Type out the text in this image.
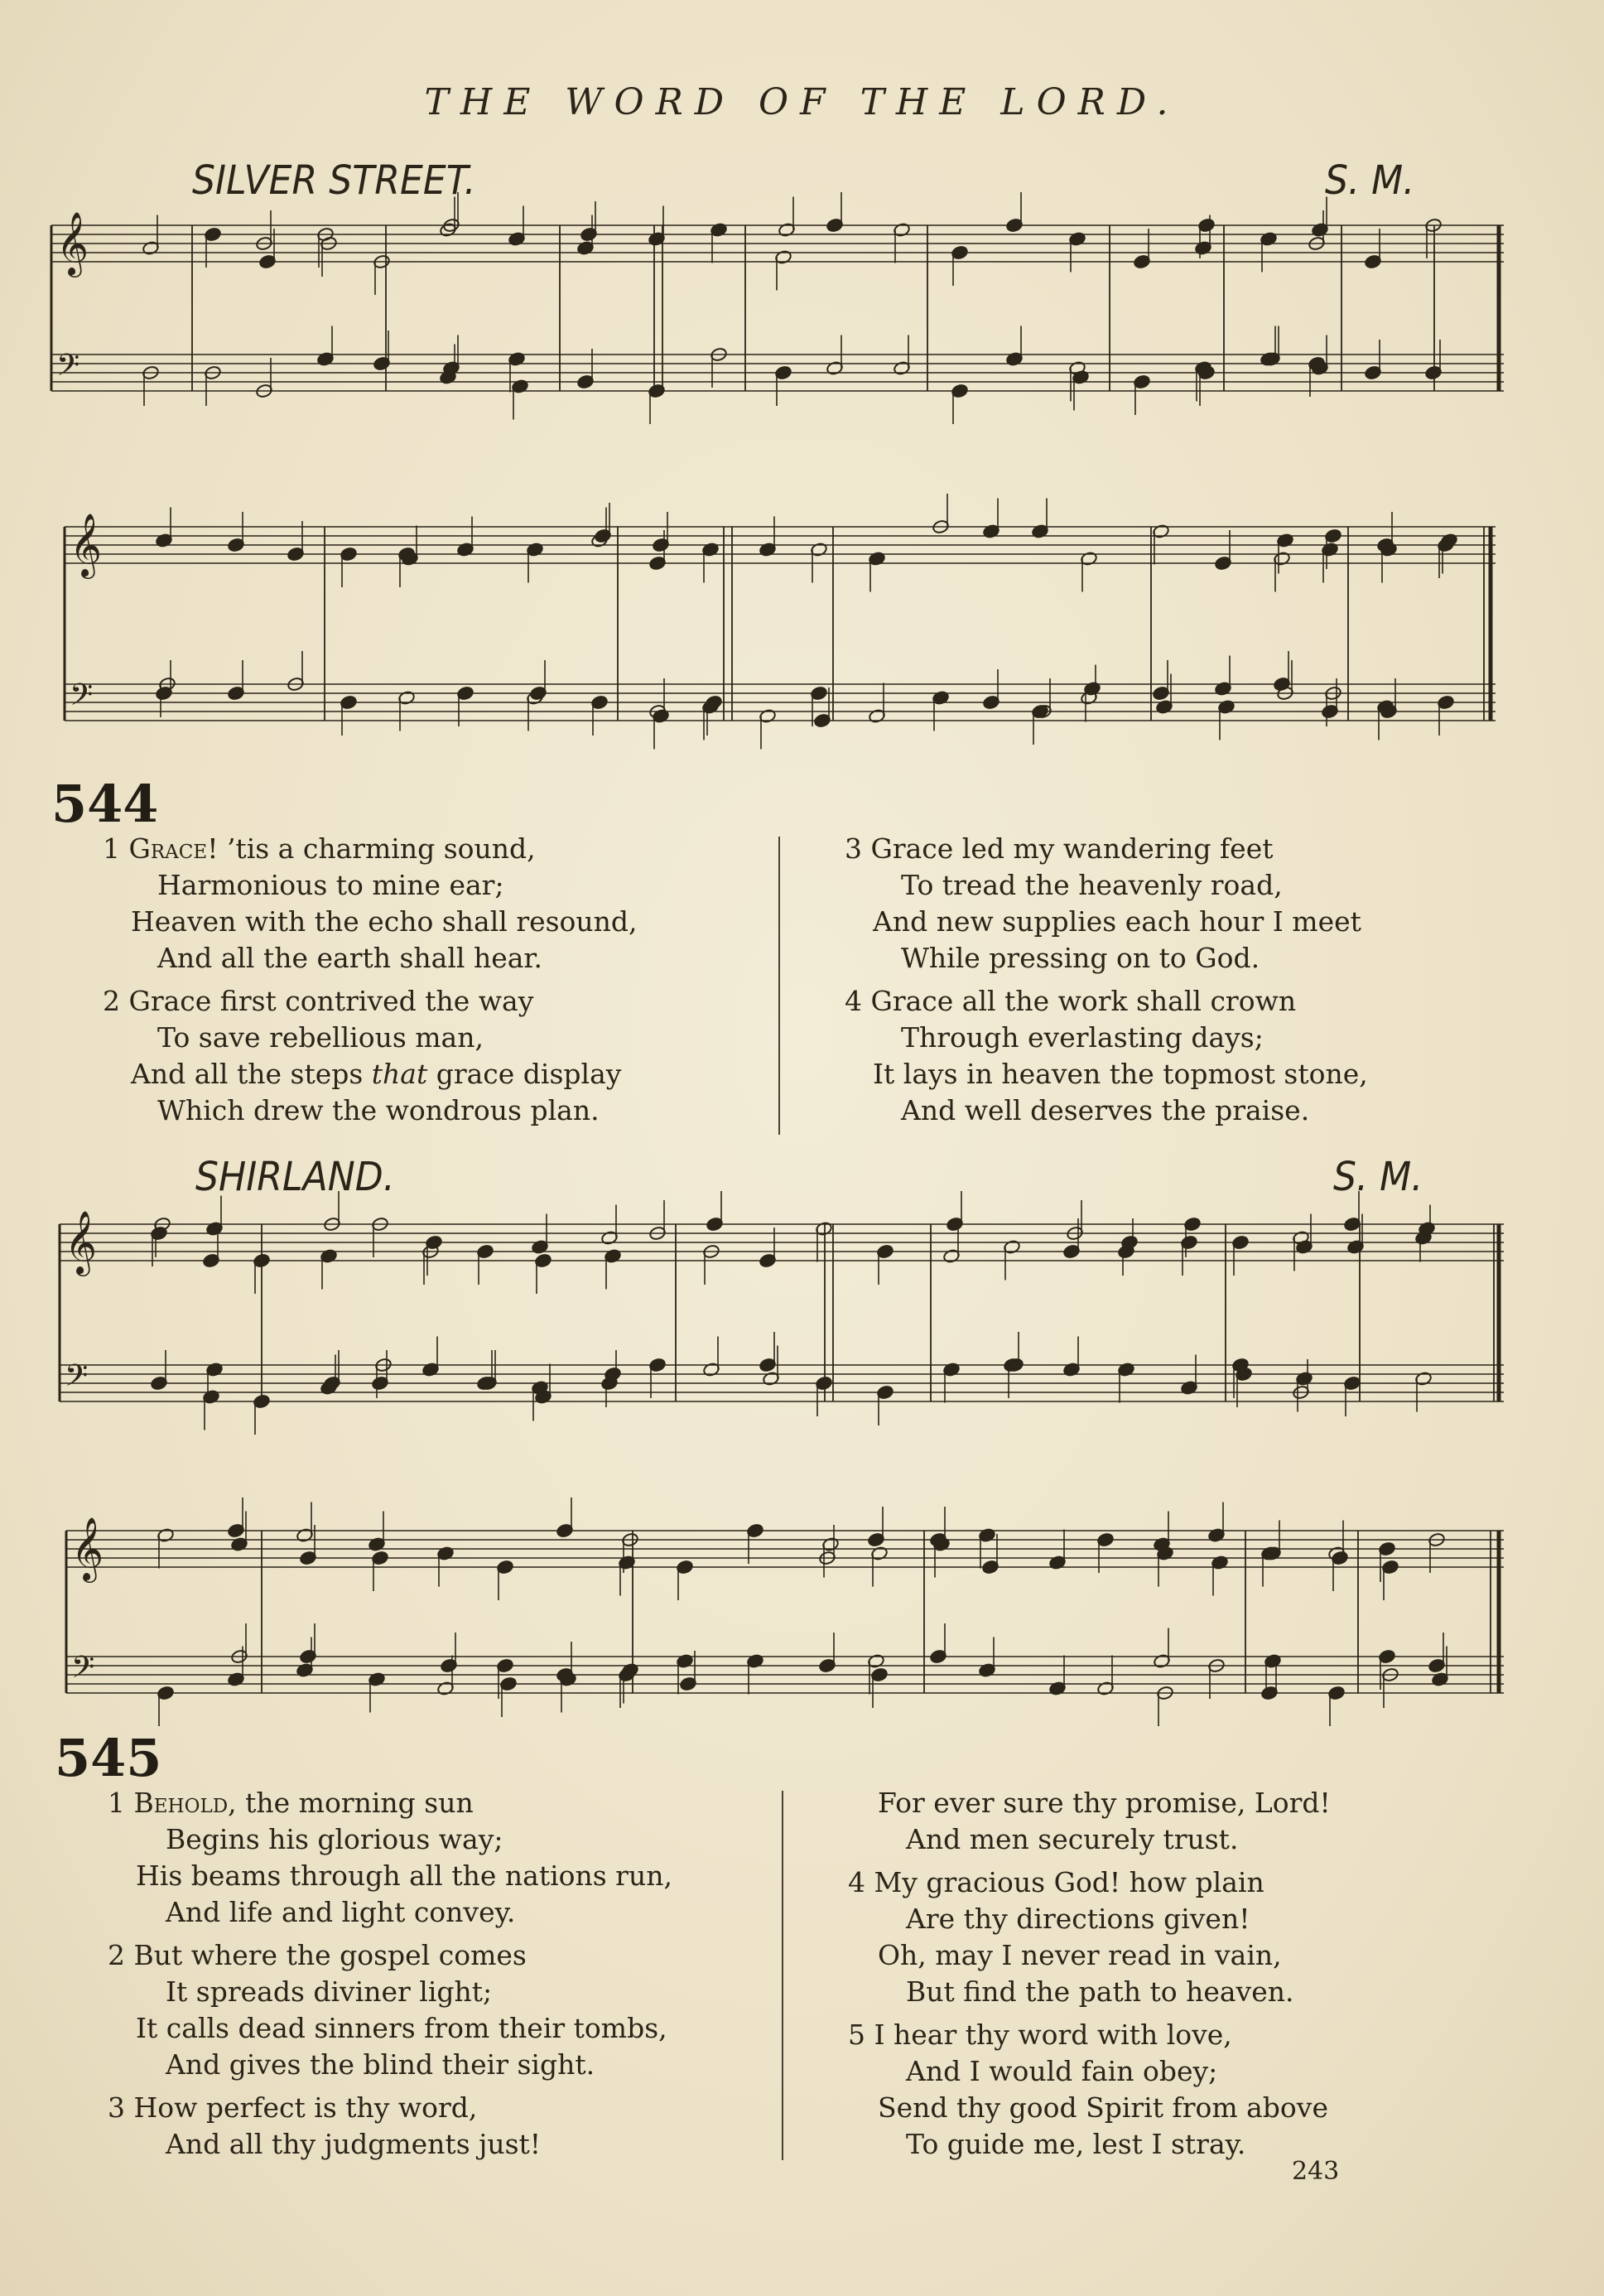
THE WORD OF THE LORD.
SILVER STREET.	S. M.
𝄞
𝄢
𝄞
𝄢
𝄞
𝄢
𝄞
𝄢
544
1 Grace! ’tis a charming sound,
Harmonious to mine ear;
Heaven with the echo shall resound,
And all the earth shall hear.
2 Grace first contrived the way
To save rebellious man,
And all the steps that grace display
Which drew the wondrous plan.
3 Grace led my wandering feet
To tread the heavenly road,
And new supplies each hour I meet
While pressing on to God.
4 Grace all the work shall crown
Through everlasting days;
It lays in heaven the topmost stone,
And well deserves the praise.
SHIRLAND.	S. M.
545
1 Behold, the morning sun
Begins his glorious way;
His beams through all the nations run,
And life and light convey.
2 But where the gospel comes
It spreads diviner light;
It calls dead sinners from their tombs,
And gives the blind their sight.
3 How perfect is thy word,
And all thy judgments just!
For ever sure thy promise, Lord!
And men securely trust.
4 My gracious God! how plain
Are thy directions given!
Oh, may I never read in vain,
But find the path to heaven.
5 I hear thy word with love,
And I would fain obey;
Send thy good Spirit from above
To guide me, lest I stray.
243
